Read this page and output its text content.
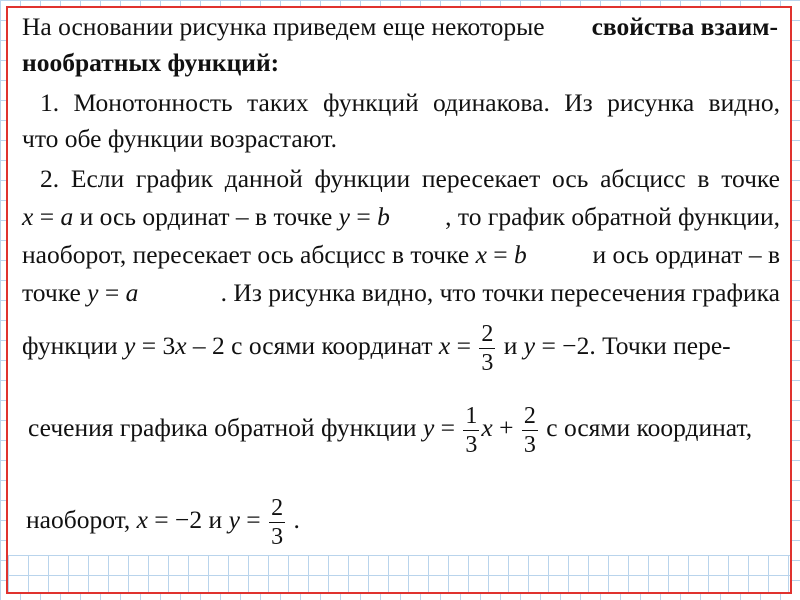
На основании рисунка приведем еще некоторые свойства взаим-
нообратных функций:
1. Монотонность таких функций одинакова. Из рисунка видно,
что обе функции возрастают.
2. Если график данной функции пересекает ось абсцисс в точке
x = a и ось ординат – в точке y = b , то график обратной функции,
наоборот, пересекает ось абсцисс в точке x = b	и ось ординат – в
точке y = a	. Из рисунка видно, что точки пересечения графика
функции y = 3x – 2 с осями координат $x = \frac{2}{3}$ и y = −2. Точки пере-
сечения графика обратной функции $y = \frac{1}{3}$ $x + \frac{2}{3}$ с осями координат,
наоборот, x = −2 и $y = \frac{2}{3}$ .
